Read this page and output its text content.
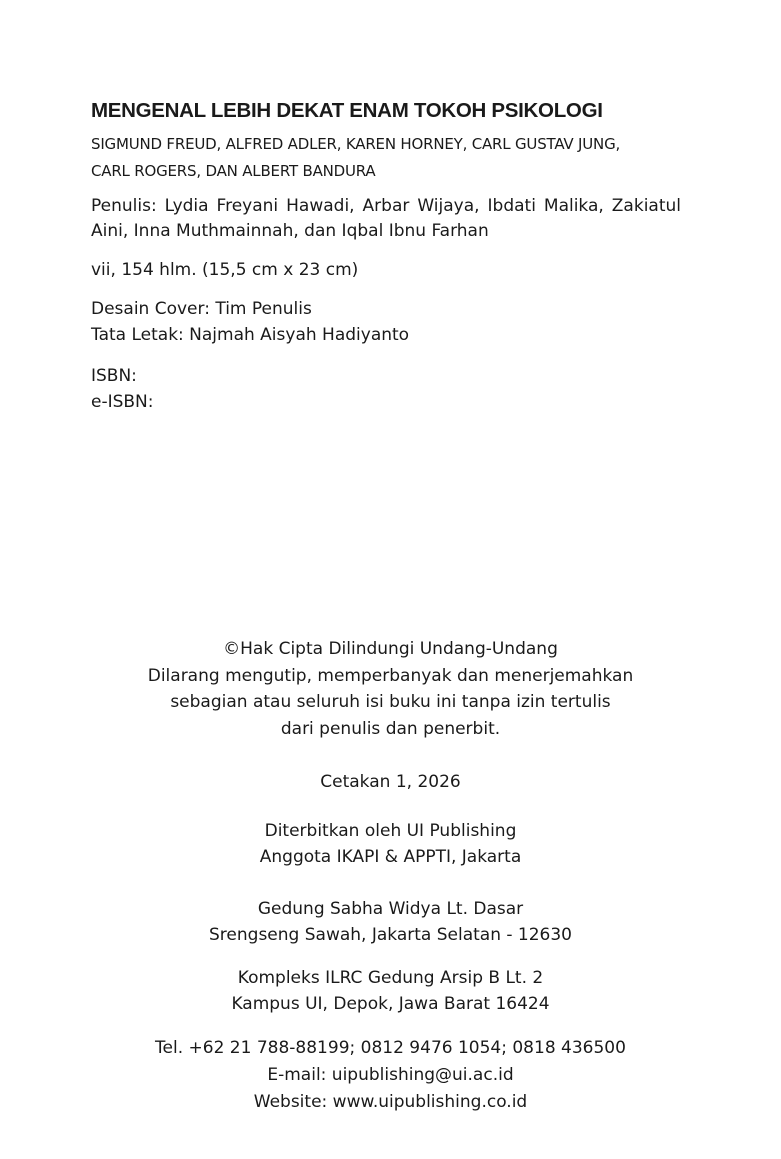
MENGENAL LEBIH DEKAT ENAM TOKOH PSIKOLOGI
SIGMUND FREUD, ALFRED ADLER, KAREN HORNEY, CARL GUSTAV JUNG,
CARL ROGERS, DAN ALBERT BANDURA
Penulis: Lydia Freyani Hawadi, Arbar Wijaya, Ibdati Malika, Zakiatul Aini, Inna Muthmainnah, dan Iqbal Ibnu Farhan
vii, 154 hlm. (15,5 cm x 23 cm)
Desain Cover: Tim Penulis
Tata Letak: Najmah Aisyah Hadiyanto
ISBN:
e-ISBN:
©Hak Cipta Dilindungi Undang-Undang
Dilarang mengutip, memperbanyak dan menerjemahkan
sebagian atau seluruh isi buku ini tanpa izin tertulis
dari penulis dan penerbit.
Cetakan 1, 2026
Diterbitkan oleh UI Publishing
Anggota IKAPI & APPTI, Jakarta
Gedung Sabha Widya Lt. Dasar
Srengseng Sawah, Jakarta Selatan - 12630
Kompleks ILRC Gedung Arsip B Lt. 2
Kampus UI, Depok, Jawa Barat 16424
Tel. +62 21 788-88199; 0812 9476 1054; 0818 436500
E-mail: uipublishing@ui.ac.id
Website: www.uipublishing.co.id
